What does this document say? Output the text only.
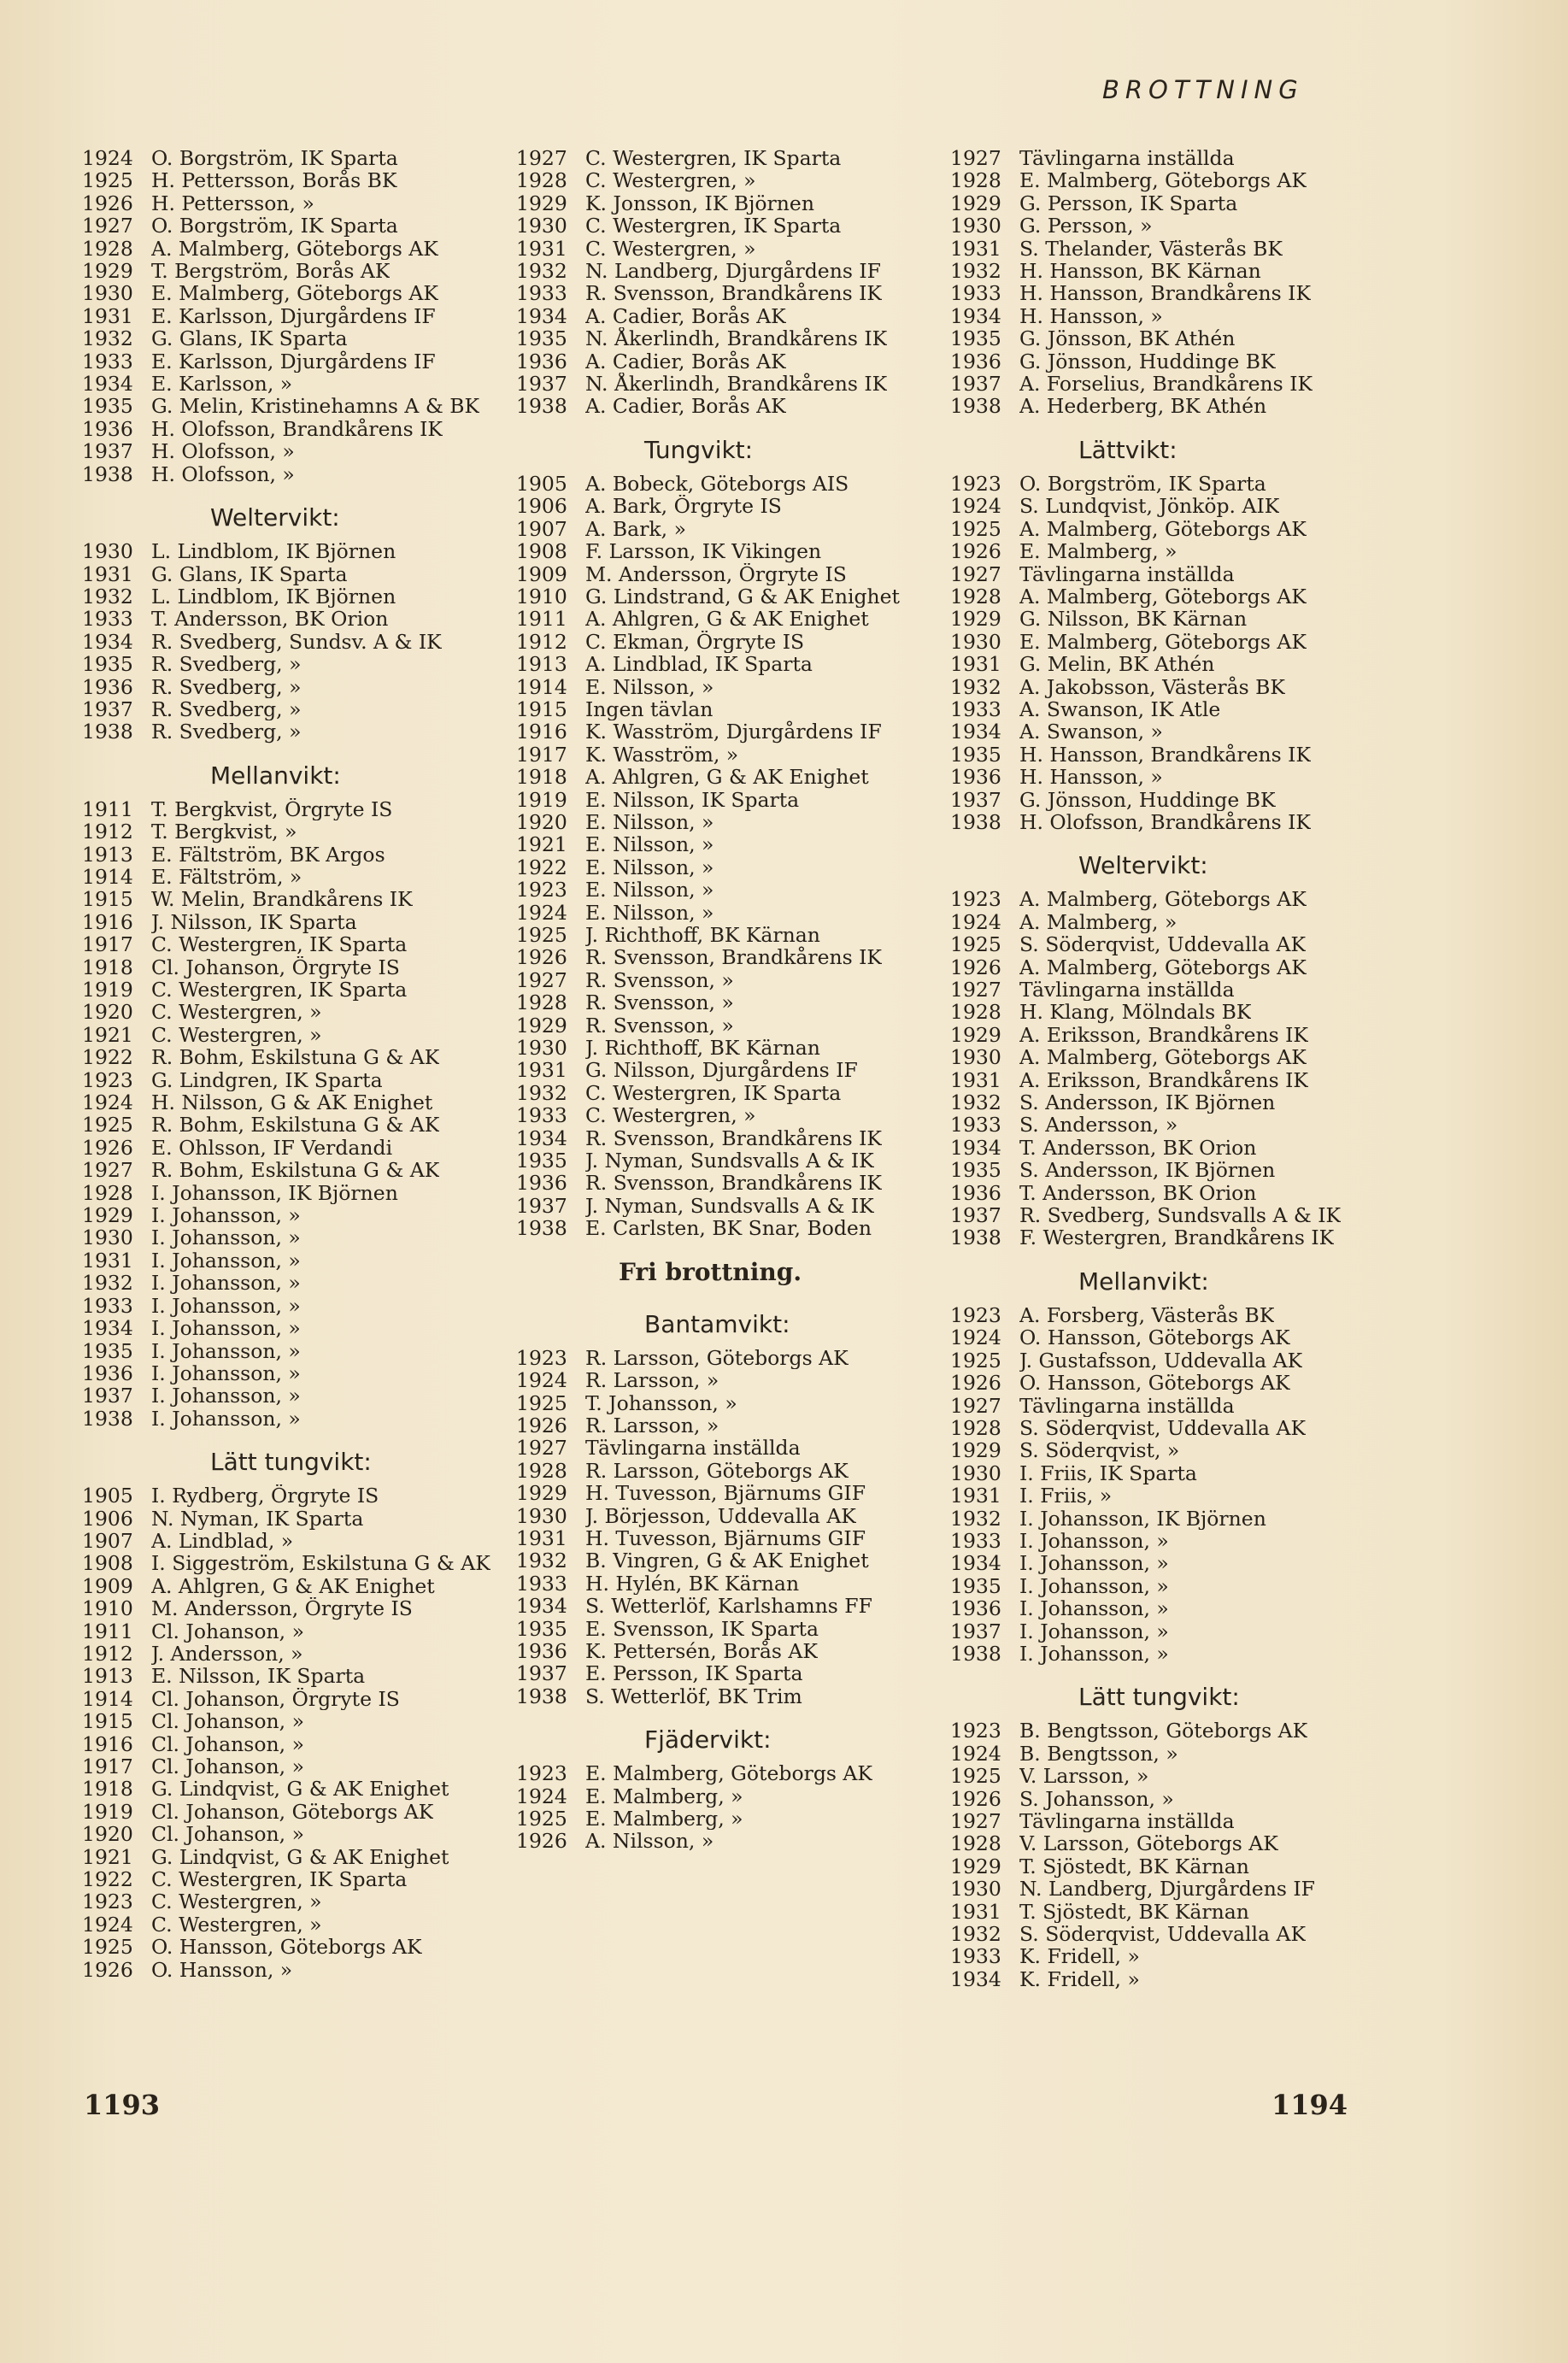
BROTTNING
1924 O. Borgström, IK Sparta
1925 H. Pettersson, Borås BK
1926 H. Pettersson, »
1927 O. Borgström, IK Sparta
1928 A. Malmberg, Göteborgs AK
1929 T. Bergström, Borås AK
1930 E. Malmberg, Göteborgs AK
1931 E. Karlsson, Djurgårdens IF
1932 G. Glans, IK Sparta
1933 E. Karlsson, Djurgårdens IF
1934 E. Karlsson, »
1935 G. Melin, Kristinehamns A & BK
1936 H. Olofsson, Brandkårens IK
1937 H. Olofsson, »
1938 H. Olofsson, »
Weltervikt:
1930 L. Lindblom, IK Björnen
1931 G. Glans, IK Sparta
1932 L. Lindblom, IK Björnen
1933 T. Andersson, BK Orion
1934 R. Svedberg, Sundsv. A & IK
1935 R. Svedberg, »
1936 R. Svedberg, »
1937 R. Svedberg, »
1938 R. Svedberg, »
Mellanvikt:
1911 T. Bergkvist, Örgryte IS
1912 T. Bergkvist, »
1913 E. Fältström, BK Argos
1914 E. Fältström, »
1915 W. Melin, Brandkårens IK
1916 J. Nilsson, IK Sparta
1917 C. Westergren, IK Sparta
1918 Cl. Johanson, Örgryte IS
1919 C. Westergren, IK Sparta
1920 C. Westergren, »
1921 C. Westergren, »
1922 R. Bohm, Eskilstuna G & AK
1923 G. Lindgren, IK Sparta
1924 H. Nilsson, G & AK Enighet
1925 R. Bohm, Eskilstuna G & AK
1926 E. Ohlsson, IF Verdandi
1927 R. Bohm, Eskilstuna G & AK
1928 I. Johansson, IK Björnen
1929 I. Johansson, »
1930 I. Johansson, »
1931 I. Johansson, »
1932 I. Johansson, »
1933 I. Johansson, »
1934 I. Johansson, »
1935 I. Johansson, »
1936 I. Johansson, »
1937 I. Johansson, »
1938 I. Johansson, »
Lätt tungvikt:
1905 I. Rydberg, Örgryte IS
1906 N. Nyman, IK Sparta
1907 A. Lindblad, »
1908 I. Siggeström, Eskilstuna G & AK
1909 A. Ahlgren, G & AK Enighet
1910 M. Andersson, Örgryte IS
1911 Cl. Johanson, »
1912 J. Andersson, »
1913 E. Nilsson, IK Sparta
1914 Cl. Johanson, Örgryte IS
1915 Cl. Johanson, »
1916 Cl. Johanson, »
1917 Cl. Johanson, »
1918 G. Lindqvist, G & AK Enighet
1919 Cl. Johanson, Göteborgs AK
1920 Cl. Johanson, »
1921 G. Lindqvist, G & AK Enighet
1922 C. Westergren, IK Sparta
1923 C. Westergren, »
1924 C. Westergren, »
1925 O. Hansson, Göteborgs AK
1926 O. Hansson, »
1927 C. Westergren, IK Sparta
1928 C. Westergren, »
1929 K. Jonsson, IK Björnen
1930 C. Westergren, IK Sparta
1931 C. Westergren, »
1932 N. Landberg, Djurgårdens IF
1933 R. Svensson, Brandkårens IK
1934 A. Cadier, Borås AK
1935 N. Åkerlindh, Brandkårens IK
1936 A. Cadier, Borås AK
1937 N. Åkerlindh, Brandkårens IK
1938 A. Cadier, Borås AK
Tungvikt:
1905 A. Bobeck, Göteborgs AIS
1906 A. Bark, Örgryte IS
1907 A. Bark, »
1908 F. Larsson, IK Vikingen
1909 M. Andersson, Örgryte IS
1910 G. Lindstrand, G & AK Enighet
1911 A. Ahlgren, G & AK Enighet
1912 C. Ekman, Örgryte IS
1913 A. Lindblad, IK Sparta
1914 E. Nilsson, »
1915 Ingen tävlan
1916 K. Wasström, Djurgårdens IF
1917 K. Wasström, »
1918 A. Ahlgren, G & AK Enighet
1919 E. Nilsson, IK Sparta
1920 E. Nilsson, »
1921 E. Nilsson, »
1922 E. Nilsson, »
1923 E. Nilsson, »
1924 E. Nilsson, »
1925 J. Richthoff, BK Kärnan
1926 R. Svensson, Brandkårens IK
1927 R. Svensson, »
1928 R. Svensson, »
1929 R. Svensson, »
1930 J. Richthoff, BK Kärnan
1931 G. Nilsson, Djurgårdens IF
1932 C. Westergren, IK Sparta
1933 C. Westergren, »
1934 R. Svensson, Brandkårens IK
1935 J. Nyman, Sundsvalls A & IK
1936 R. Svensson, Brandkårens IK
1937 J. Nyman, Sundsvalls A & IK
1938 E. Carlsten, BK Snar, Boden
Fri brottning.
Bantamvikt:
1923 R. Larsson, Göteborgs AK
1924 R. Larsson, »
1925 T. Johansson, »
1926 R. Larsson, »
1927 Tävlingarna inställda
1928 R. Larsson, Göteborgs AK
1929 H. Tuvesson, Bjärnums GIF
1930 J. Börjesson, Uddevalla AK
1931 H. Tuvesson, Bjärnums GIF
1932 B. Vingren, G & AK Enighet
1933 H. Hylén, BK Kärnan
1934 S. Wetterlöf, Karlshamns FF
1935 E. Svensson, IK Sparta
1936 K. Pettersén, Borås AK
1937 E. Persson, IK Sparta
1938 S. Wetterlöf, BK Trim
Fjädervikt:
1923 E. Malmberg, Göteborgs AK
1924 E. Malmberg, »
1925 E. Malmberg, »
1926 A. Nilsson, »
1927 Tävlingarna inställda
1928 E. Malmberg, Göteborgs AK
1929 G. Persson, IK Sparta
1930 G. Persson, »
1931 S. Thelander, Västerås BK
1932 H. Hansson, BK Kärnan
1933 H. Hansson, Brandkårens IK
1934 H. Hansson, »
1935 G. Jönsson, BK Athén
1936 G. Jönsson, Huddinge BK
1937 A. Forselius, Brandkårens IK
1938 A. Hederberg, BK Athén
Lättvikt:
1923 O. Borgström, IK Sparta
1924 S. Lundqvist, Jönköp. AIK
1925 A. Malmberg, Göteborgs AK
1926 E. Malmberg, »
1927 Tävlingarna inställda
1928 A. Malmberg, Göteborgs AK
1929 G. Nilsson, BK Kärnan
1930 E. Malmberg, Göteborgs AK
1931 G. Melin, BK Athén
1932 A. Jakobsson, Västerås BK
1933 A. Swanson, IK Atle
1934 A. Swanson, »
1935 H. Hansson, Brandkårens IK
1936 H. Hansson, »
1937 G. Jönsson, Huddinge BK
1938 H. Olofsson, Brandkårens IK
Weltervikt:
1923 A. Malmberg, Göteborgs AK
1924 A. Malmberg, »
1925 S. Söderqvist, Uddevalla AK
1926 A. Malmberg, Göteborgs AK
1927 Tävlingarna inställda
1928 H. Klang, Mölndals BK
1929 A. Eriksson, Brandkårens IK
1930 A. Malmberg, Göteborgs AK
1931 A. Eriksson, Brandkårens IK
1932 S. Andersson, IK Björnen
1933 S. Andersson, »
1934 T. Andersson, BK Orion
1935 S. Andersson, IK Björnen
1936 T. Andersson, BK Orion
1937 R. Svedberg, Sundsvalls A & IK
1938 F. Westergren, Brandkårens IK
Mellanvikt:
1923 A. Forsberg, Västerås BK
1924 O. Hansson, Göteborgs AK
1925 J. Gustafsson, Uddevalla AK
1926 O. Hansson, Göteborgs AK
1927 Tävlingarna inställda
1928 S. Söderqvist, Uddevalla AK
1929 S. Söderqvist, »
1930 I. Friis, IK Sparta
1931 I. Friis, »
1932 I. Johansson, IK Björnen
1933 I. Johansson, »
1934 I. Johansson, »
1935 I. Johansson, »
1936 I. Johansson, »
1937 I. Johansson, »
1938 I. Johansson, »
Lätt tungvikt:
1923 B. Bengtsson, Göteborgs AK
1924 B. Bengtsson, »
1925 V. Larsson, »
1926 S. Johansson, »
1927 Tävlingarna inställda
1928 V. Larsson, Göteborgs AK
1929 T. Sjöstedt, BK Kärnan
1930 N. Landberg, Djurgårdens IF
1931 T. Sjöstedt, BK Kärnan
1932 S. Söderqvist, Uddevalla AK
1933 K. Fridell, »
1934 K. Fridell, »
1193	1194
